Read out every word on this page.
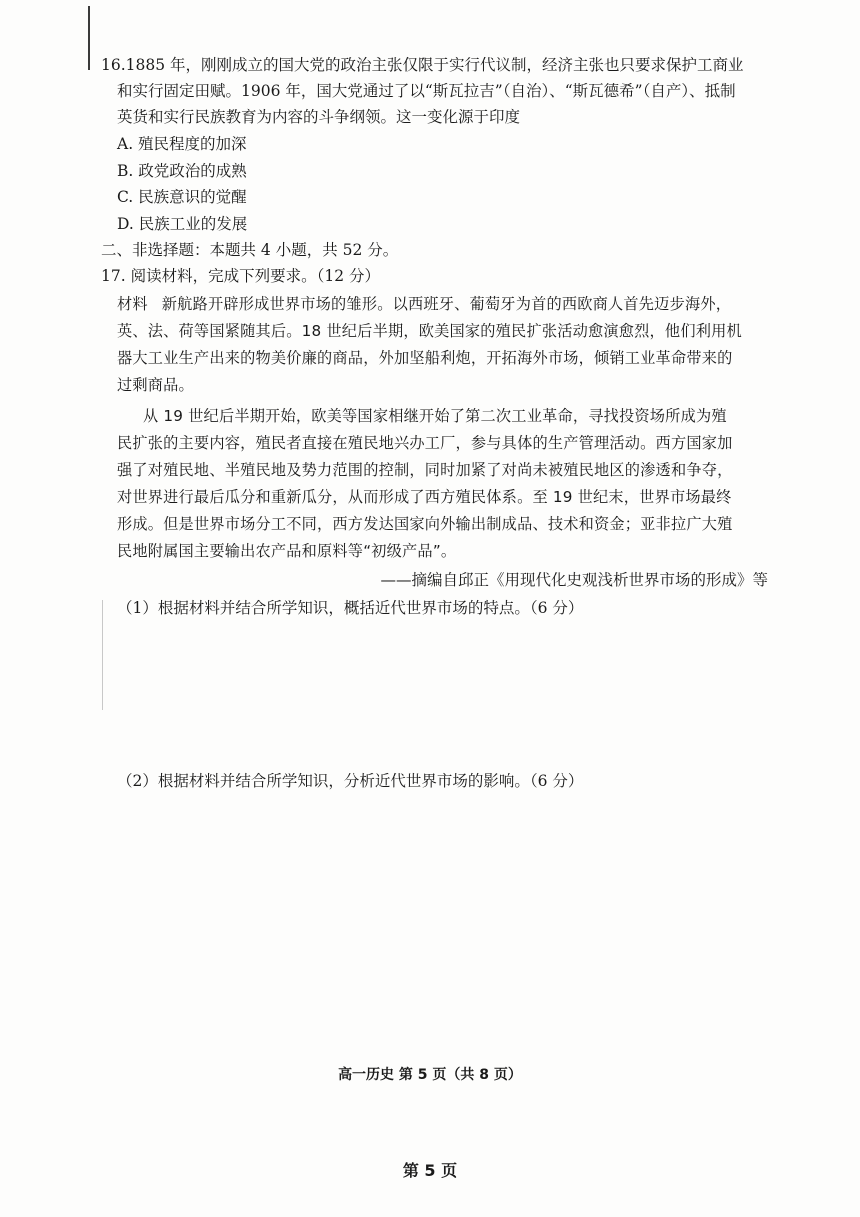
16.1885 年，刚刚成立的国大党的政治主张仅限于实行代议制，经济主张也只要求保护工商业
和实行固定田赋。1906 年，国大党通过了以“斯瓦拉吉”（自治）、“斯瓦德希”（自产）、抵制
英货和实行民族教育为内容的斗争纲领。这一变化源于印度
A. 殖民程度的加深
B. 政党政治的成熟
C. 民族意识的觉醒
D. 民族工业的发展
二、非选择题：本题共 4 小题，共 52 分。
17. 阅读材料，完成下列要求。（12 分）
材料 新航路开辟形成世界市场的雏形。以西班牙、葡萄牙为首的西欧商人首先迈步海外，
英、法、荷等国紧随其后。18 世纪后半期，欧美国家的殖民扩张活动愈演愈烈，他们利用机
器大工业生产出来的物美价廉的商品，外加坚船利炮，开拓海外市场，倾销工业革命带来的
过剩商品。
从 19 世纪后半期开始，欧美等国家相继开始了第二次工业革命，寻找投资场所成为殖
民扩张的主要内容，殖民者直接在殖民地兴办工厂，参与具体的生产管理活动。西方国家加
强了对殖民地、半殖民地及势力范围的控制，同时加紧了对尚未被殖民地区的渗透和争夺，
对世界进行最后瓜分和重新瓜分，从而形成了西方殖民体系。至 19 世纪末，世界市场最终
形成。但是世界市场分工不同，西方发达国家向外输出制成品、技术和资金；亚非拉广大殖
民地附属国主要输出农产品和原料等“初级产品”。
——摘编自邱正《用现代化史观浅析世界市场的形成》等
（1）根据材料并结合所学知识，概括近代世界市场的特点。（6 分）
（2）根据材料并结合所学知识，分析近代世界市场的影响。（6 分）
高一历史 第 5 页（共 8 页）
第 5 页
